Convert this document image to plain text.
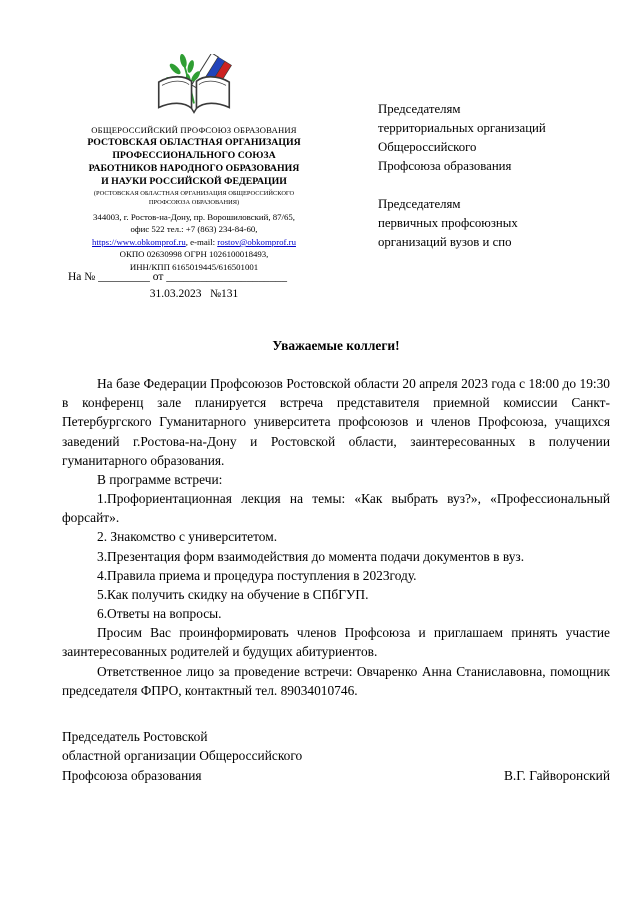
ОБЩЕРОССИЙСКИЙ ПРОФСОЮЗ ОБРАЗОВАНИЯ
РОСТОВСКАЯ ОБЛАСТНАЯ ОРГАНИЗАЦИЯ
ПРОФЕССИОНАЛЬНОГО СОЮЗА
РАБОТНИКОВ НАРОДНОГО ОБРАЗОВАНИЯ
И НАУКИ РОССИЙСКОЙ ФЕДЕРАЦИИ
(РОСТОВСКАЯ ОБЛАСТНАЯ ОРГАНИЗАЦИЯ ОБЩЕРОССИЙСКОГО
ПРОФСОЮЗА ОБРАЗОВАНИЯ)
344003, г. Ростов-на-Дону, пр. Ворошиловский, 87/65,
офис 522 тел.: +7 (863) 234-84-60,
https://www.obkomprof.ru, e-mail: rostov@obkomprof.ru
ОКПО 02630998 ОГРН 1026100018493,
ИНН/КПП 6165019445/616501001
31.03.2023   №131
На № _________ от _____________________
Председателям
территориальных организаций
Общероссийского
Профсоюза образования
Председателям
первичных профсоюзных
организаций вузов и спо

Уважаемые коллеги!

На базе Федерации Профсоюзов Ростовской области 20 апреля 2023 года с 18:00 до 19:30 в конференц зале планируется встреча представителя приемной комиссии Санкт-Петербургского Гуманитарного университета профсоюзов и членов Профсоюза, учащихся заведений г.Ростова-на-Дону и Ростовской области, заинтересованных в получении гуманитарного образования.

В программе встречи:

1.Профориентационная лекция на темы: «Как выбрать вуз?», «Профессиональный форсайт».

2. Знакомство с университетом.

3.Презентация форм взаимодействия до момента подачи документов в вуз.

4.Правила приема и процедура поступления в 2023году.

5.Как получить скидку на обучение в СПбГУП.

6.Ответы на вопросы.

Просим Вас проинформировать членов Профсоюза и приглашаем принять участие заинтересованных родителей и будущих абитуриентов.

Ответственное лицо за проведение встречи: Овчаренко Анна Станиславовна, помощник председателя ФПРО, контактный тел. 89034010746.

Председатель Ростовской
областной организации Общероссийского
Профсоюза образования	В.Г. Гайворонский
